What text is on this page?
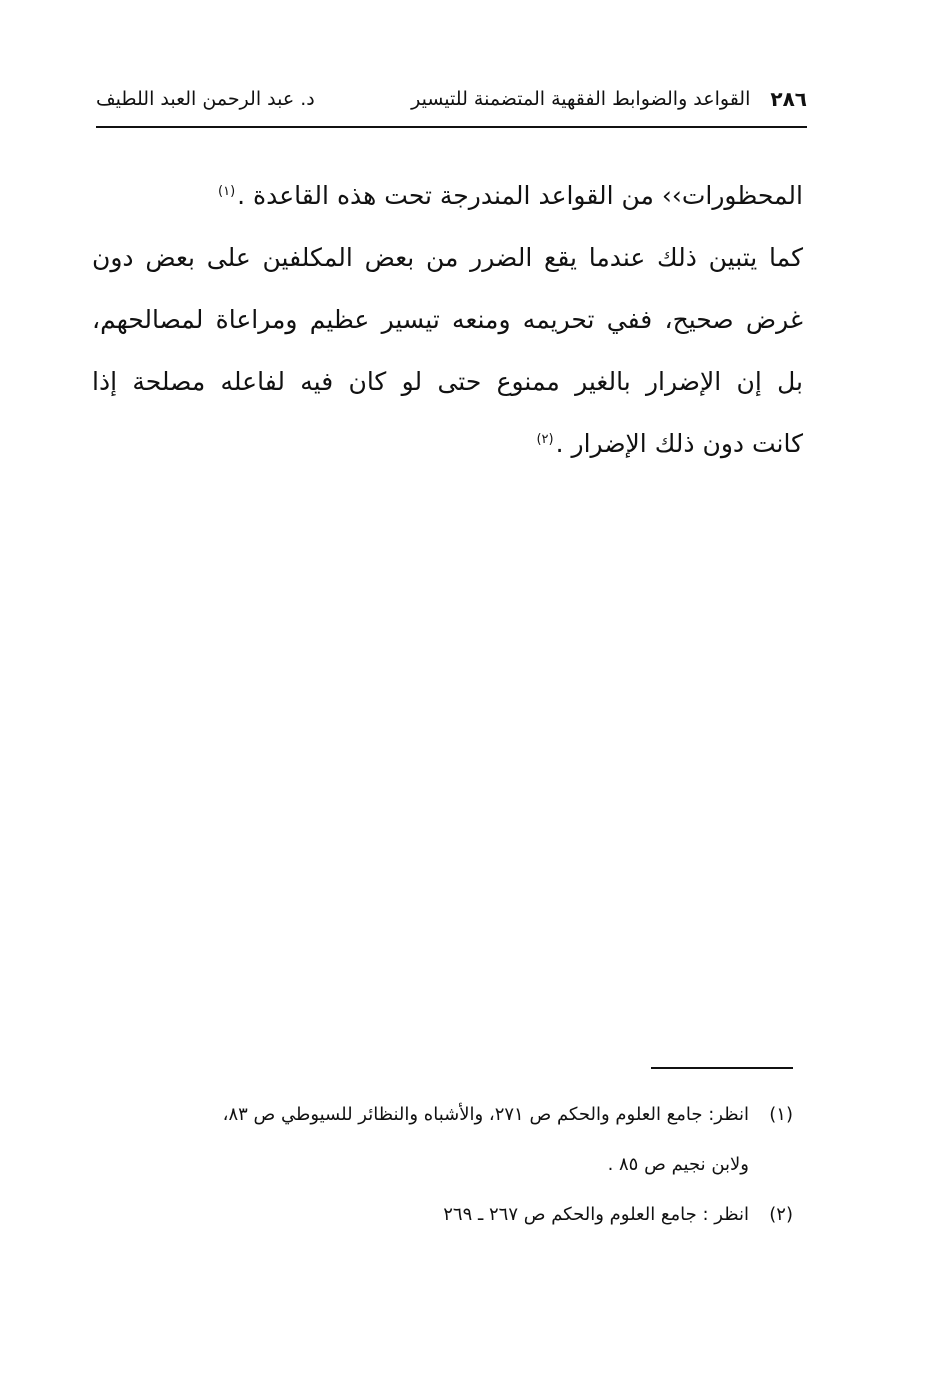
٢٨٦
القواعد والضوابط الفقهية المتضمنة للتيسير
د. عبد الرحمن العبد اللطيف
المحظورات›› من القواعد المندرجة تحت هذه القاعدة .$^{(١)}$
كما يتبين ذلك عندما يقع الضرر من بعض المكلفين على بعض دون
غرض صحيح، ففي تحريمه ومنعه تيسير عظيم ومراعاة لمصالحهم،
بل إن الإضرار بالغير ممنوع حتى لو كان فيه لفاعله مصلحة إذا
كانت دون ذلك الإضرار .$^{(٢)}$
(١)
انظر: جامع العلوم والحكم ص ٢٧١، والأشباه والنظائر للسيوطي ص ٨٣،
ولابن نجيم ص ٨٥ .
(٢)
انظر : جامع العلوم والحكم ص ٢٦٧ ـ ٢٦٩
